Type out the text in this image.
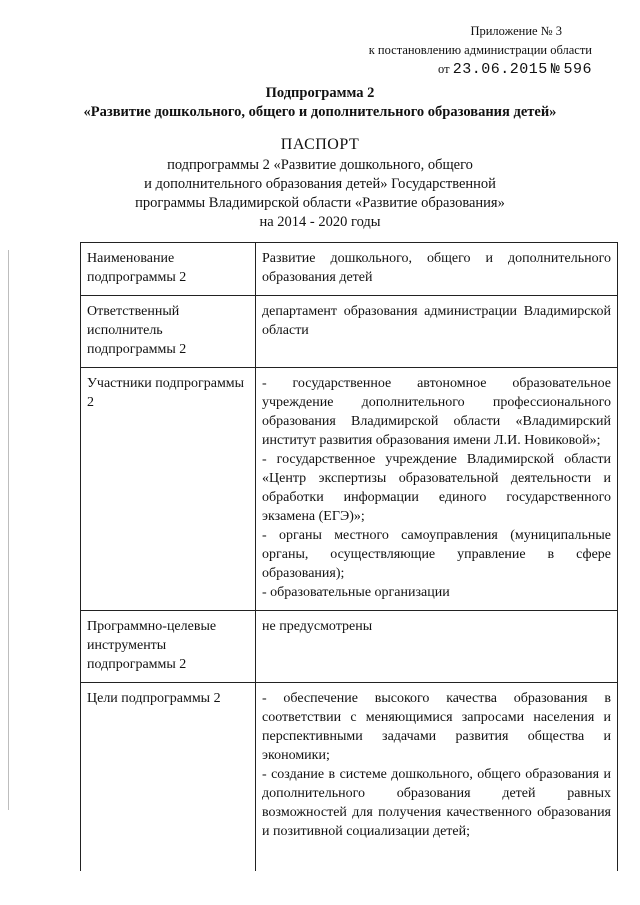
Приложение № 3
к постановлению администрации области
от 23.06.2015 № 596
Подпрограмма 2
«Развитие дошкольного, общего и дополнительного образования детей»
ПАСПОРТ
подпрограммы 2 «Развитие дошкольного, общего
и дополнительного образования детей» Государственной
программы Владимирской области «Развитие образования»
на 2014 - 2020 годы
Наименование подпрограммы 2	Развитие дошкольного, общего и дополнительного образования детей

Ответственный исполнитель подпрограммы 2	департамент образования администрации Владимирской области

Участники подпрограммы 2	- государственное автономное образовательное учреждение дополнительного профессионального образования Владимирской области «Владимирский институт развития образования имени Л.И. Новиковой»;

- государственное учреждение Владимирской области «Центр экспертизы образовательной деятельности и обработки информации единого государственного экзамена (ЕГЭ)»;

- органы местного самоуправления (муниципальные органы, осуществляющие управление в сфере образования);

- образовательные организации

Программно-целевые инструменты подпрограммы 2	не предусмотрены

Цели подпрограммы 2	- обеспечение высокого качества образования в соответствии с меняющимися запросами населения и перспективными задачами развития общества и экономики;

- создание в системе дошкольного, общего образования и дополнительного образования детей равных возможностей для получения качественного образования и позитивной социализации детей;
